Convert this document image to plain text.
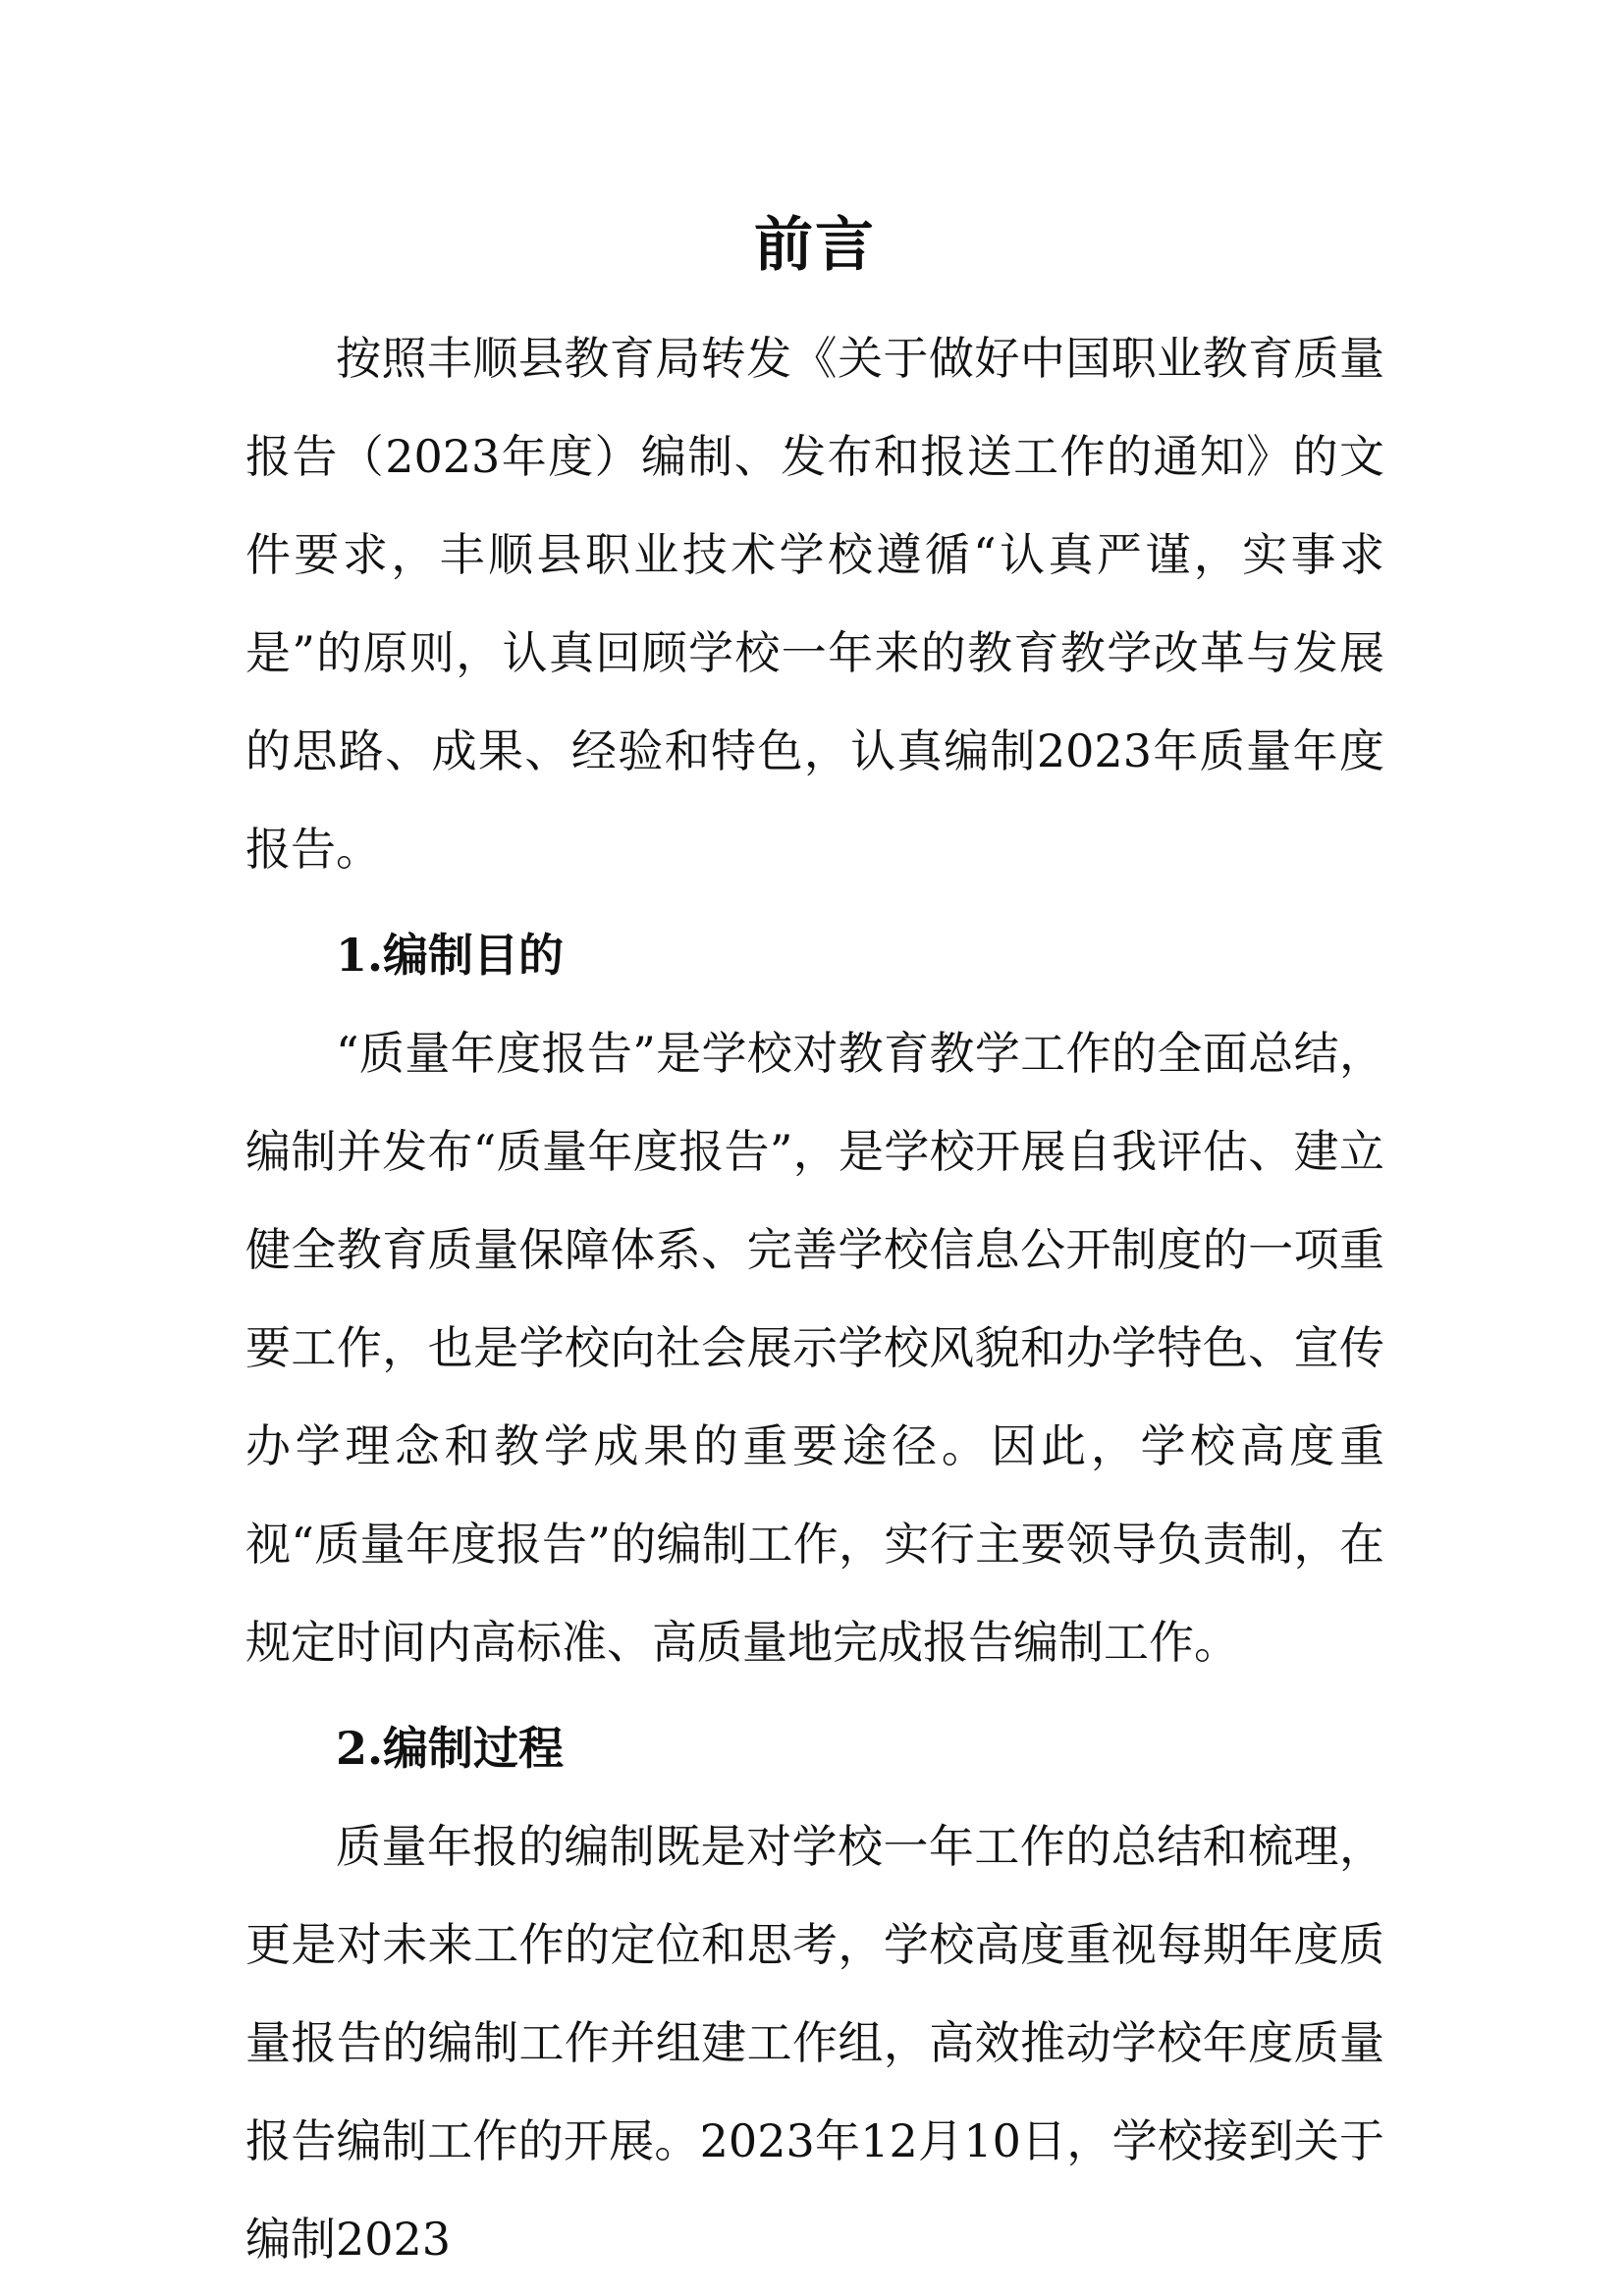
前言

按照丰顺县教育局转发《关于做好中国职业教育质量报告（2023年度）编制、发布和报送工作的通知》的文件要求，丰顺县职业技术学校遵循“认真严谨，实事求是”的原则，认真回顾学校一年来的教育教学改革与发展的思路、成果、经验和特色，认真编制2023年质量年度报告。

1.编制目的

“质量年度报告”是学校对教育教学工作的全面总结，编制并发布“质量年度报告”，是学校开展自我评估、建立健全教育质量保障体系、完善学校信息公开制度的一项重要工作，也是学校向社会展示学校风貌和办学特色、宣传办学理念和教学成果的重要途径。因此，学校高度重视“质量年度报告”的编制工作，实行主要领导负责制，在规定时间内高标准、高质量地完成报告编制工作。

2.编制过程

质量年报的编制既是对学校一年工作的总结和梳理，更是对未来工作的定位和思考，学校高度重视每期年度质量报告的编制工作并组建工作组，高效推动学校年度质量报告编制工作的开展。2023年12月10日，学校接到关于编制2023
